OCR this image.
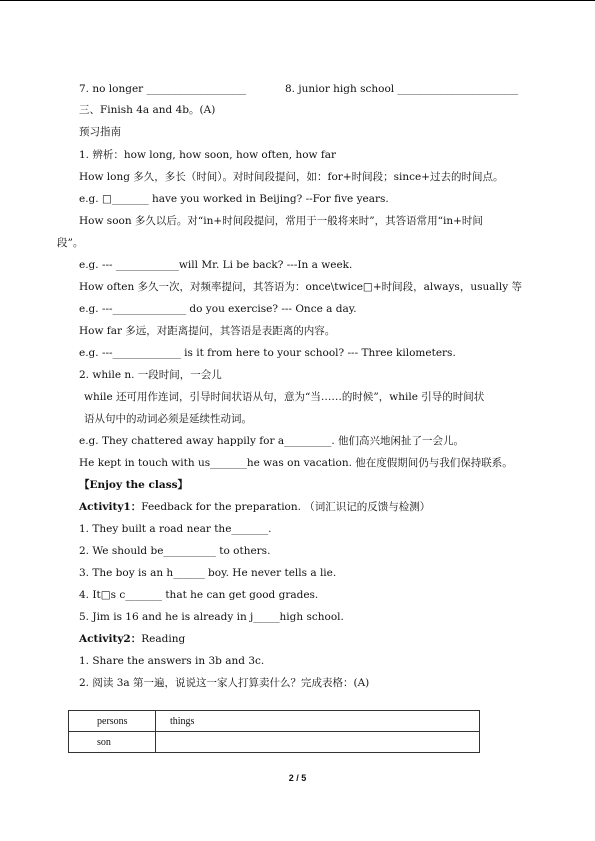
7. no longer ___________________	8. junior high school _______________________
三、Finish 4a and 4b。(A)
预习指南
1. 辨析：how long, how soon, how often, how far
How long 多久，多长（时间）。对时间段提问，如：for+时间段；since+过去的时间点。
e.g. □_______ have you worked in Beijing? --For five years.
How soon 多久以后。对“in+时间段提问，常用于一般将来时”，其答语常用“in+时间
段”。
e.g. --- ____________will Mr. Li be back? ---In a week.
How often 多久一次，对频率提问，其答语为：once\twice□+时间段，always，usually 等
e.g. ---______________ do you exercise? --- Once a day.
How far 多远，对距离提问，其答语是表距离的内容。
e.g. ---_____________ is it from here to your school? --- Three kilometers.
2. while n. 一段时间，一会儿
while 还可用作连词，引导时间状语从句，意为“当……的时候”，while 引导的时间状
语从句中的动词必须是延续性动词。
e.g. They chattered away happily for a_________. 他们高兴地闲扯了一会儿。
He kept in touch with us_______he was on vacation. 他在度假期间仍与我们保持联系。
【Enjoy the class】
Activity1：Feedback for the preparation. （词汇识记的反馈与检测）
1. They built a road near the_______.
2. We should be__________ to others.
3. The boy is an h______ boy. He never tells a lie.
4. It□s c_______ that he can get good grades.
5. Jim is 16 and he is already in j_____high school.
Activity2：Reading
1. Share the answers in 3b and 3c.
2. 阅读 3a 第一遍，说说这一家人打算卖什么？完成表格：(A)
persons	things
son	
2 / 5
